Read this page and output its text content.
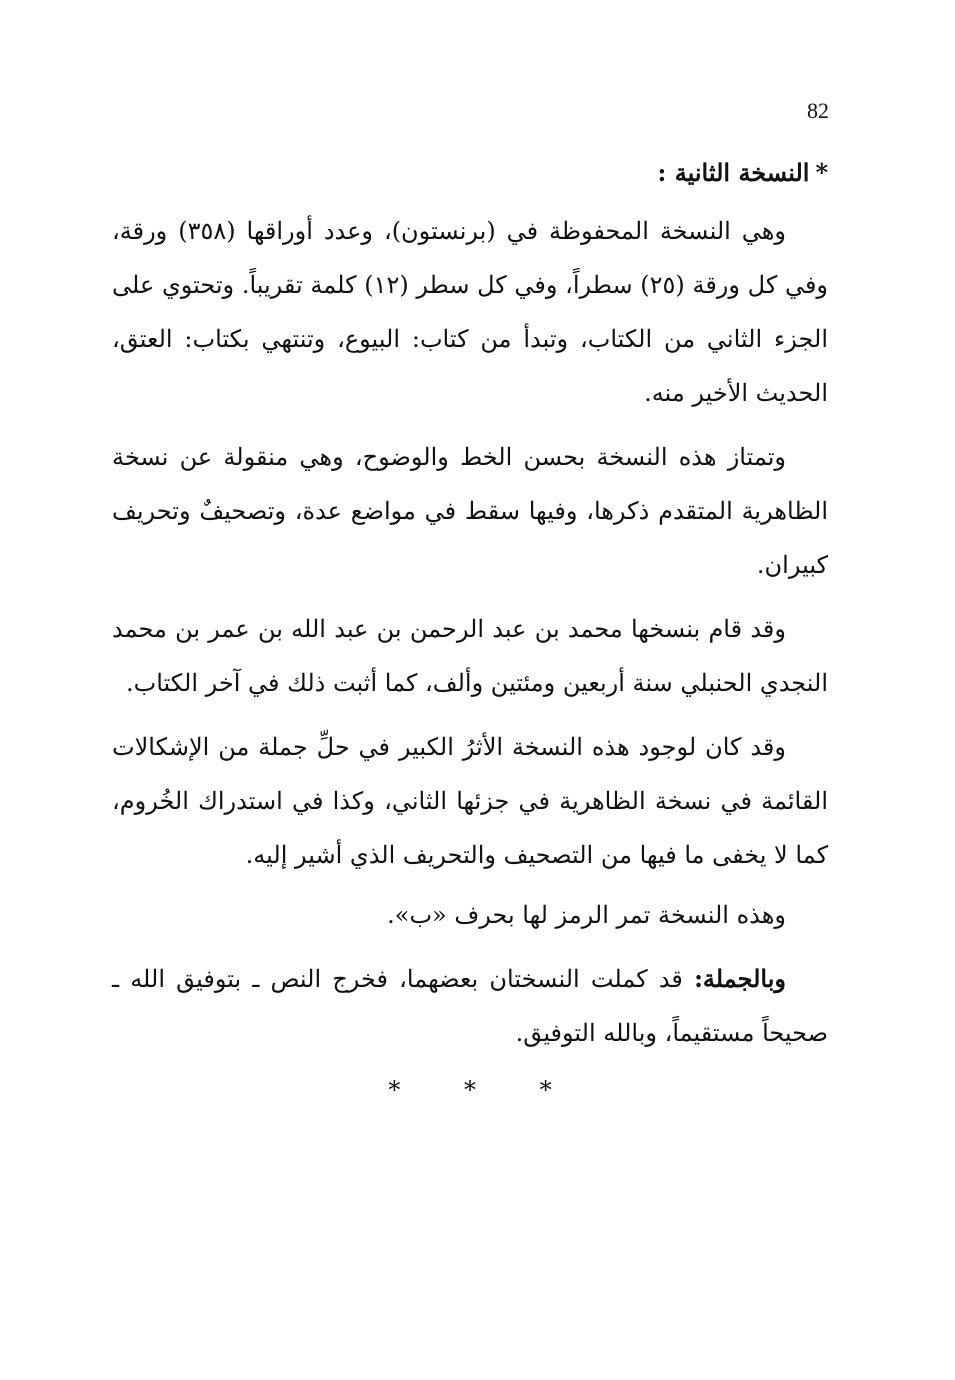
82
*النسخة الثانية :

وهي النسخة المحفوظة في (برنستون)، وعدد أوراقها (٣٥٨) ورقة، وفي كل ورقة (٢٥) سطراً، وفي كل سطر (١٢) كلمة تقريباً. وتحتوي على الجزء الثاني من الكتاب، وتبدأ من كتاب: البيوع، وتنتهي بكتاب: العتق، الحديث الأخير منه.

وتمتاز هذه النسخة بحسن الخط والوضوح، وهي منقولة عن نسخة الظاهرية المتقدم ذكرها، وفيها سقط في مواضع عدة، وتصحيفٌ وتحريف كبيران.

وقد قام بنسخها محمد بن عبد الرحمن بن عبد الله بن عمر بن محمد النجدي الحنبلي سنة أربعين ومئتين وألف، كما أثبت ذلك في آخر الكتاب.

وقد كان لوجود هذه النسخة الأثرُ الكبير في حلِّ جملة من الإشكالات القائمة في نسخة الظاهرية في جزئها الثاني، وكذا في استدراك الخُروم، كما لا يخفى ما فيها من التصحيف والتحريف الذي أشير إليه.

وهذه النسخة تمر الرمز لها بحرف «ب».

وبالجملة: قد كملت النسختان بعضهما، فخرج النص ـ بتوفيق الله ـ صحيحاً مستقيماً، وبالله التوفيق.

* * *
